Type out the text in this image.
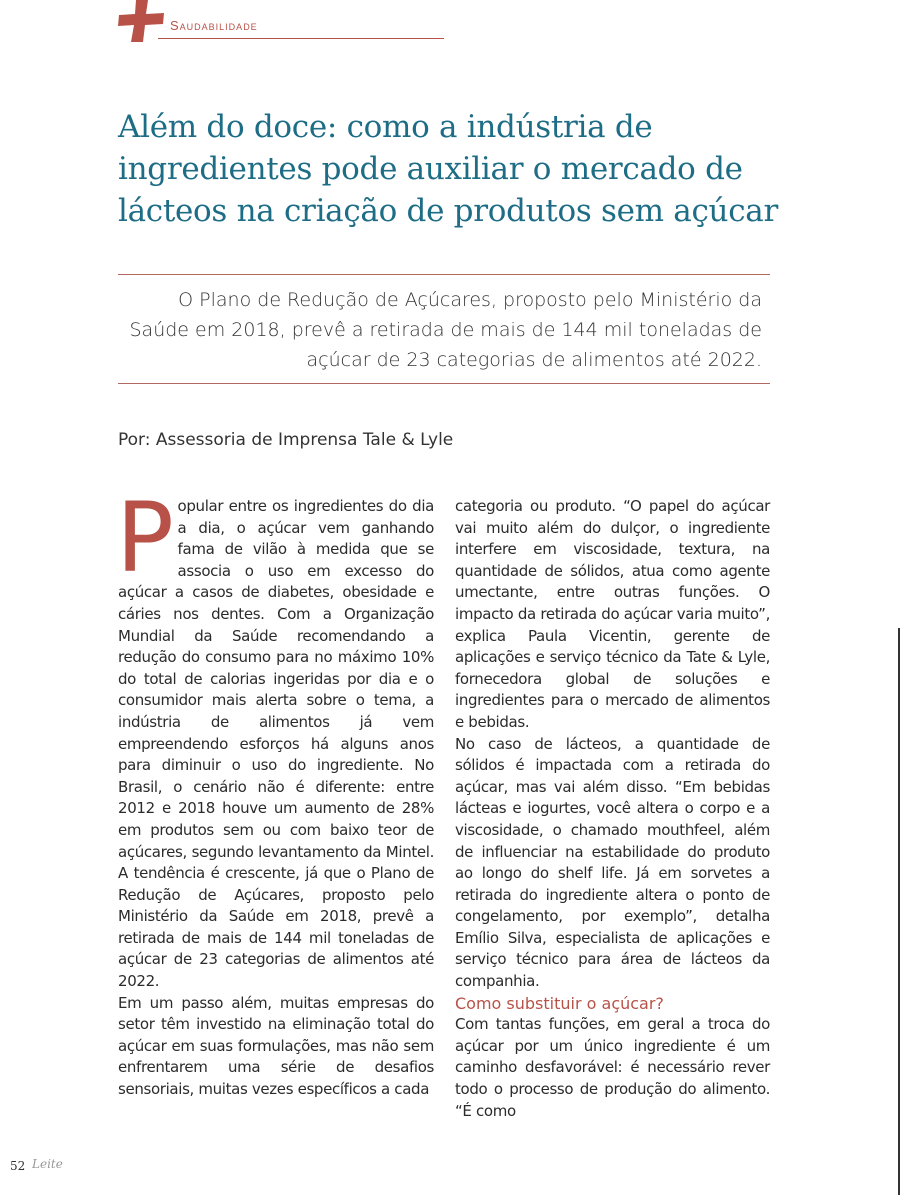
Saudabilidade
Além do doce: como a indústria de ingredientes pode auxiliar o mercado de lácteos na criação de produtos sem açúcar

O Plano de Redução de Açúcares, proposto pelo Ministério da Saúde em 2018, prevê a retirada de mais de 144 mil toneladas de açúcar de 23 categorias de alimentos até 2022.

Por: Assessoria de Imprensa Tale & Lyle

Popular entre os ingredientes do dia a dia, o açúcar vem ganhando fama de vilão à medida que se associa o uso em excesso do açúcar a casos de diabetes, obesidade e cáries nos dentes. Com a Organização Mundial da Saúde recomendando a redução do consumo para no máximo 10% do total de calorias ingeridas por dia e o consumidor mais alerta sobre o tema, a indústria de alimentos já vem empreendendo esforços há alguns anos para diminuir o uso do ingrediente. No Brasil, o cenário não é diferente: entre 2012 e 2018 houve um aumento de 28% em produtos sem ou com baixo teor de açúcares, segundo levantamento da Mintel. A tendência é crescente, já que o Plano de Redução de Açúcares, proposto pelo Ministério da Saúde em 2018, prevê a retirada de mais de 144 mil toneladas de açúcar de 23 categorias de alimentos até 2022.

Em um passo além, muitas empresas do setor têm investido na eliminação total do açúcar em suas formulações, mas não sem enfrentarem uma série de desafios sensoriais, muitas vezes específicos a cada

categoria ou produto. “O papel do açúcar vai muito além do dulçor, o ingrediente interfere em viscosidade, textura, na quantidade de sólidos, atua como agente umectante, entre outras funções. O impacto da retirada do açúcar varia muito”, explica Paula Vicentin, gerente de aplicações e serviço técnico da Tate & Lyle, fornecedora global de soluções e ingredientes para o mercado de alimentos e bebidas.

No caso de lácteos, a quantidade de sólidos é impactada com a retirada do açúcar, mas vai além disso. “Em bebidas lácteas e iogurtes, você altera o corpo e a viscosidade, o chamado mouthfeel, além de influenciar na estabilidade do produto ao longo do shelf life. Já em sorvetes a retirada do ingrediente altera o ponto de congelamento, por exemplo”, detalha Emílio Silva, especialista de aplicações e serviço técnico para área de lácteos da companhia.

Como substituir o açúcar?

Com tantas funções, em geral a troca do açúcar por um único ingrediente é um caminho desfavorável: é necessário rever todo o processo de produção do alimento. “É como

52 Leite
